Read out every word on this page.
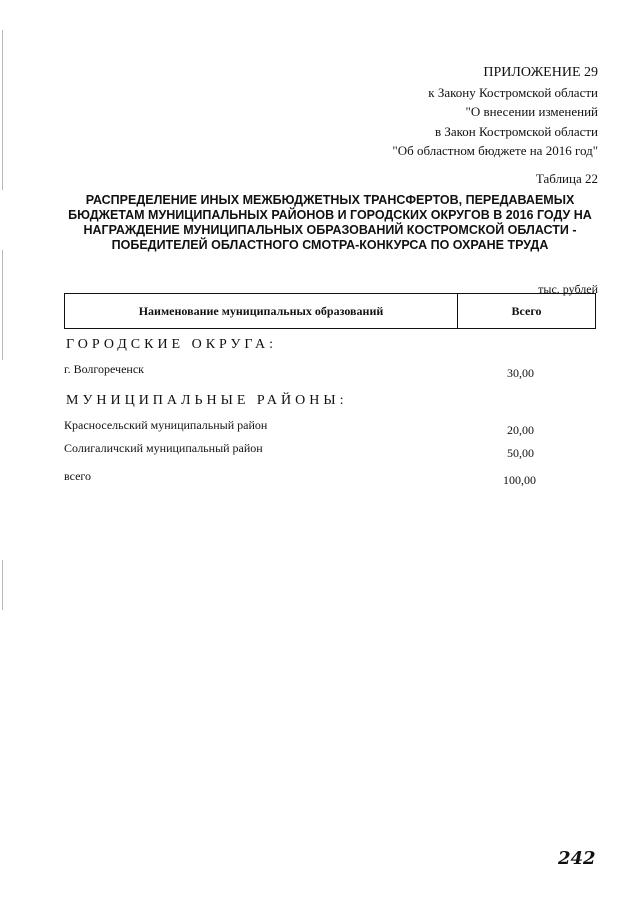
ПРИЛОЖЕНИЕ 29
к Закону Костромской области
"О внесении изменений
в Закон Костромской области
"Об областном бюджете на 2016 год"
Таблица 22
РАСПРЕДЕЛЕНИЕ ИНЫХ МЕЖБЮДЖЕТНЫХ ТРАНСФЕРТОВ, ПЕРЕДАВАЕМЫХ
БЮДЖЕТАМ МУНИЦИПАЛЬНЫХ РАЙОНОВ И ГОРОДСКИХ ОКРУГОВ В 2016 ГОДУ НА
НАГРАЖДЕНИЕ МУНИЦИПАЛЬНЫХ ОБРАЗОВАНИЙ КОСТРОМСКОЙ ОБЛАСТИ -
ПОБЕДИТЕЛЕЙ ОБЛАСТНОГО СМОТРА-КОНКУРСА ПО ОХРАНЕ ТРУДА
тыс. рублей
Наименование муниципальных образований	Всего
ГОРОДСКИЕ ОКРУГА:
г. Волгореченск	30,00
МУНИЦИПАЛЬНЫЕ РАЙОНЫ:
Красносельский муниципальный район	20,00
Солигаличский муниципальный район	50,00
всего	100,00
242
